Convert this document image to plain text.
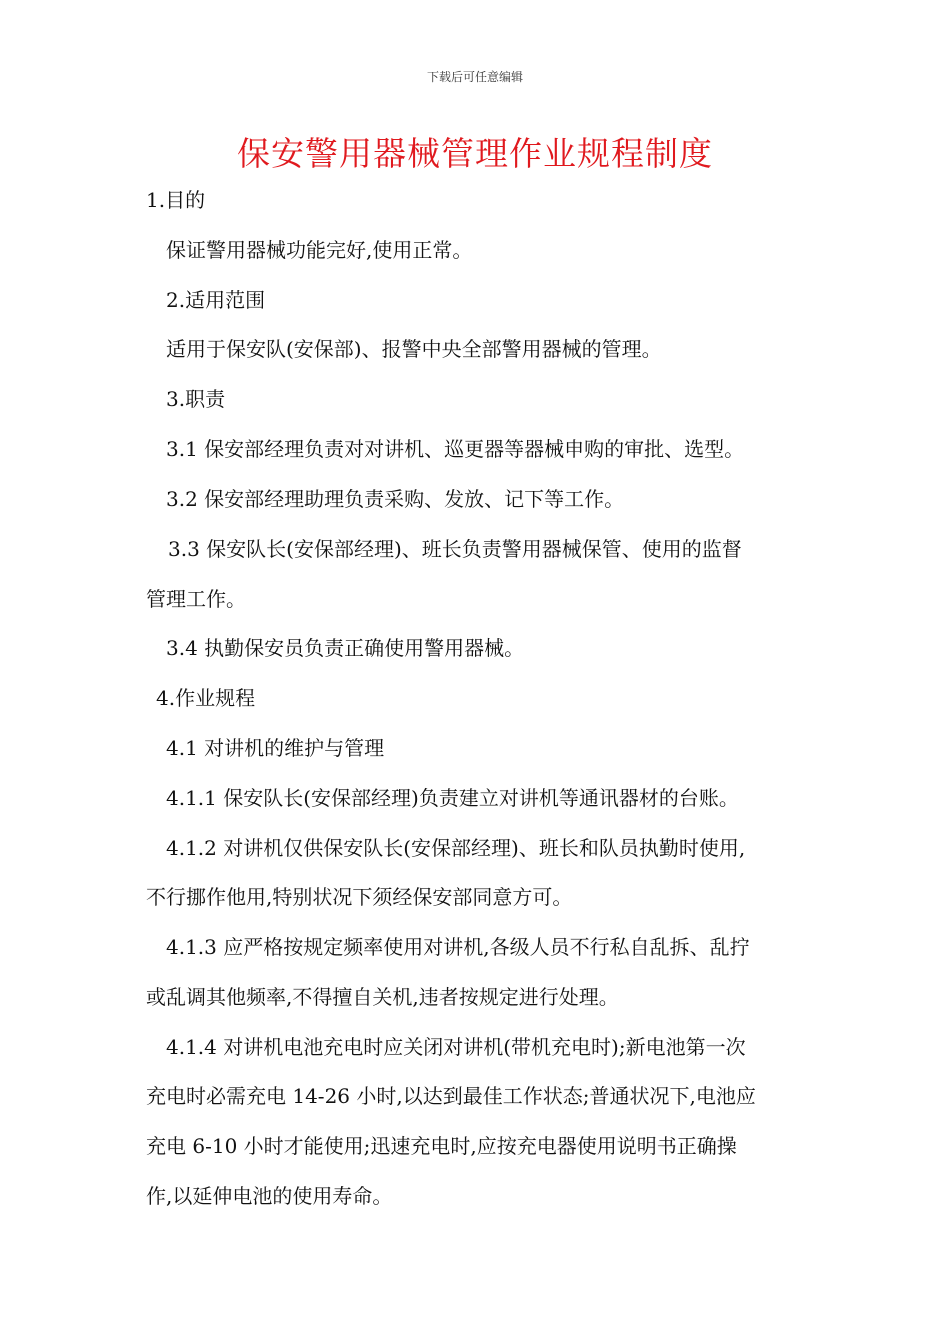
下载后可任意编辑
保安警用器械管理作业规程制度
1.目的
保证警用器械功能完好,使用正常。
2.适用范围
适用于保安队(安保部)、报警中央全部警用器械的管理。
3.职责
3.1 保安部经理负责对对讲机、巡更器等器械申购的审批、选型。
3.2 保安部经理助理负责采购、发放、记下等工作。
3.3 保安队长(安保部经理)、班长负责警用器械保管、使用的监督
管理工作。
3.4 执勤保安员负责正确使用警用器械。
4.作业规程
4.1 对讲机的维护与管理
4.1.1 保安队长(安保部经理)负责建立对讲机等通讯器材的台账。
4.1.2 对讲机仅供保安队长(安保部经理)、班长和队员执勤时使用,
不行挪作他用,特别状况下须经保安部同意方可。
4.1.3 应严格按规定频率使用对讲机,各级人员不行私自乱拆、乱拧
或乱调其他频率,不得擅自关机,违者按规定进行处理。
4.1.4 对讲机电池充电时应关闭对讲机(带机充电时);新电池第一次
充电时必需充电 14-26 小时,以达到最佳工作状态;普通状况下,电池应
充电 6-10 小时才能使用;迅速充电时,应按充电器使用说明书正确操
作,以延伸电池的使用寿命。
